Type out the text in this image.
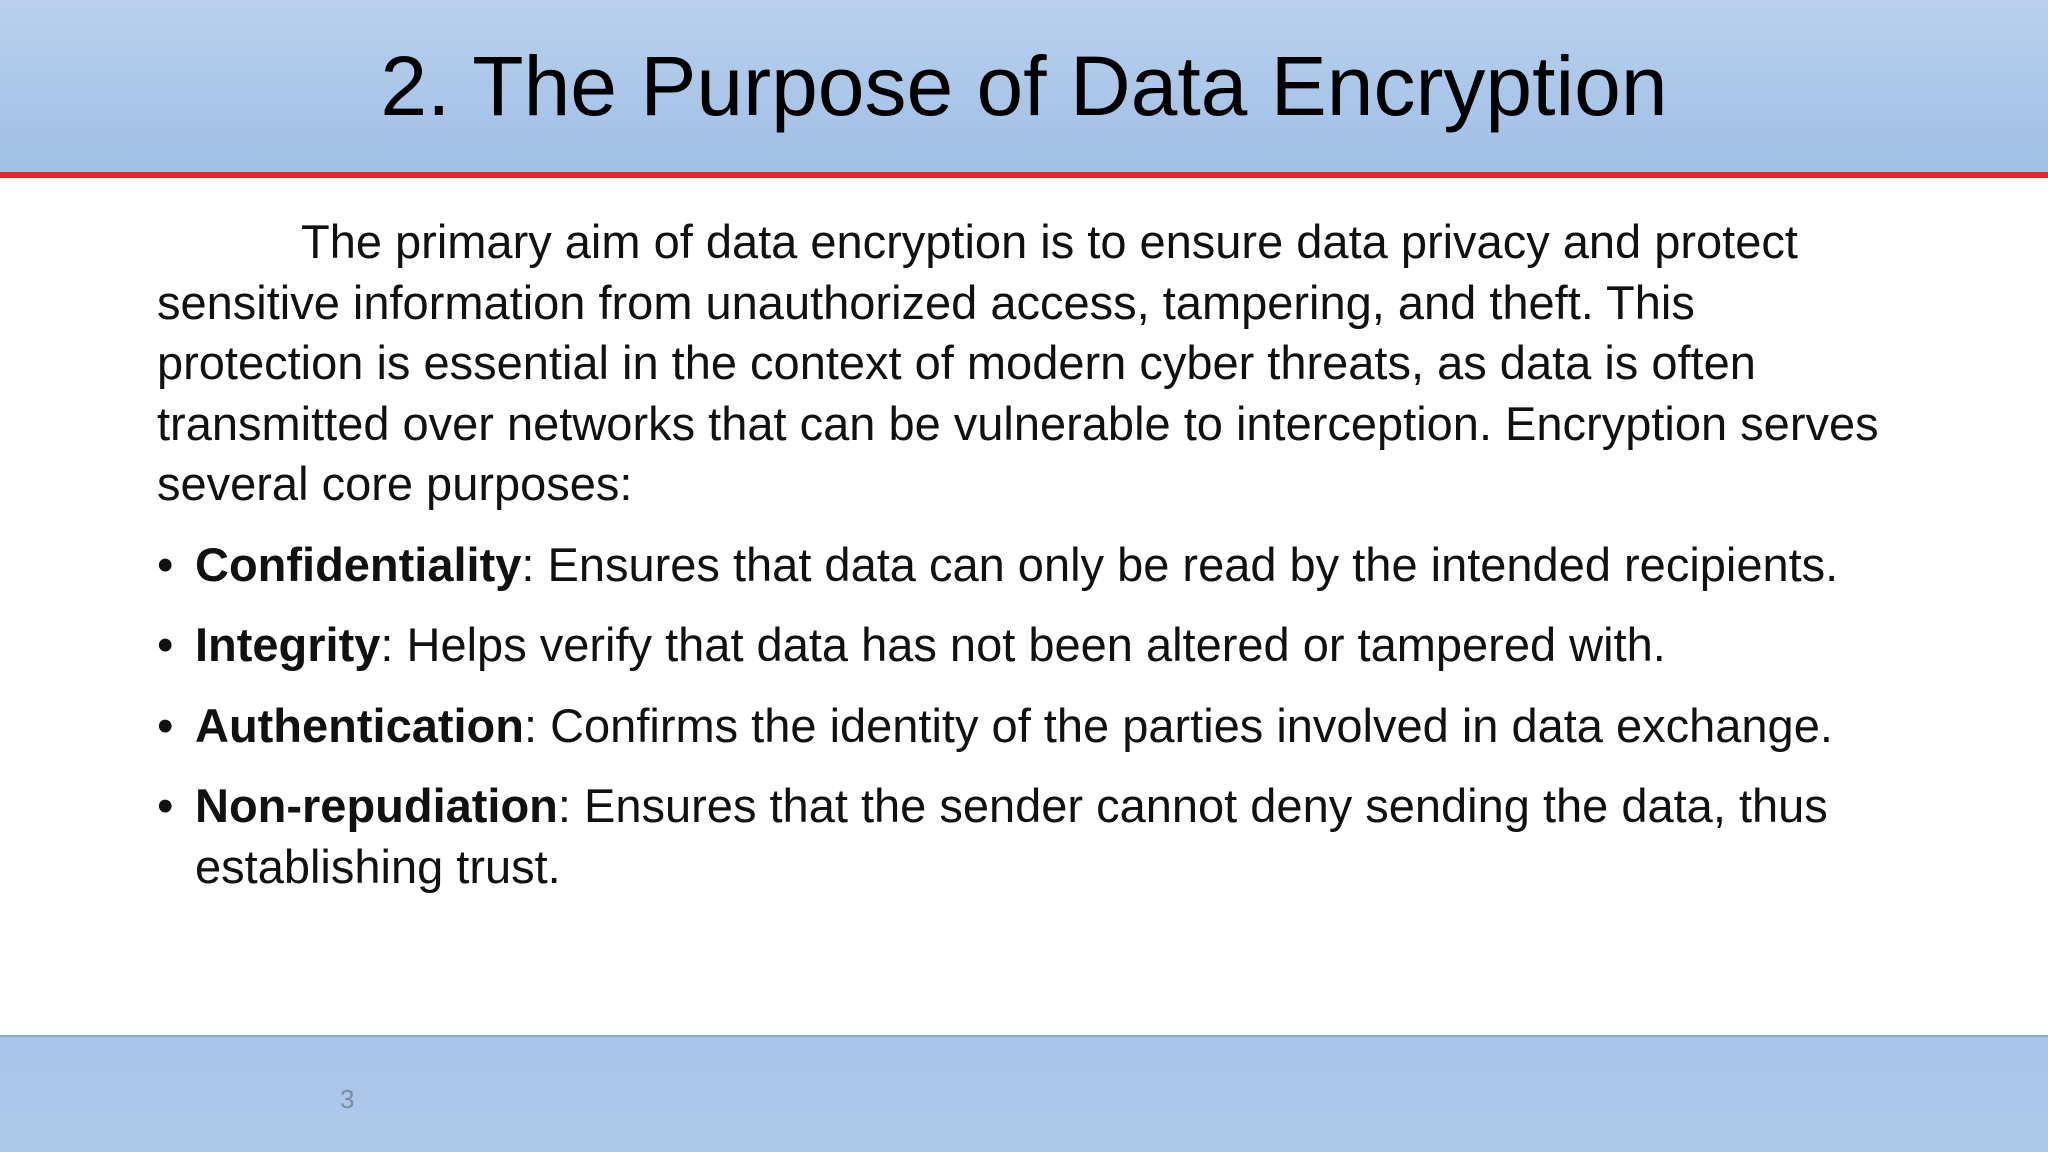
2. The Purpose of Data Encryption

The primary aim of data encryption is to ensure data privacy and protect sensitive information from unauthorized access, tampering, and theft. This protection is essential in the context of modern cyber threats, as data is often transmitted over networks that can be vulnerable to interception. Encryption serves several core purposes:

• Confidentiality: Ensures that data can only be read by the intended recipients.
• Integrity: Helps verify that data has not been altered or tampered with.
• Authentication: Confirms the identity of the parties involved in data exchange.
• Non-repudiation: Ensures that the sender cannot deny sending the data, thus establishing trust.
3
